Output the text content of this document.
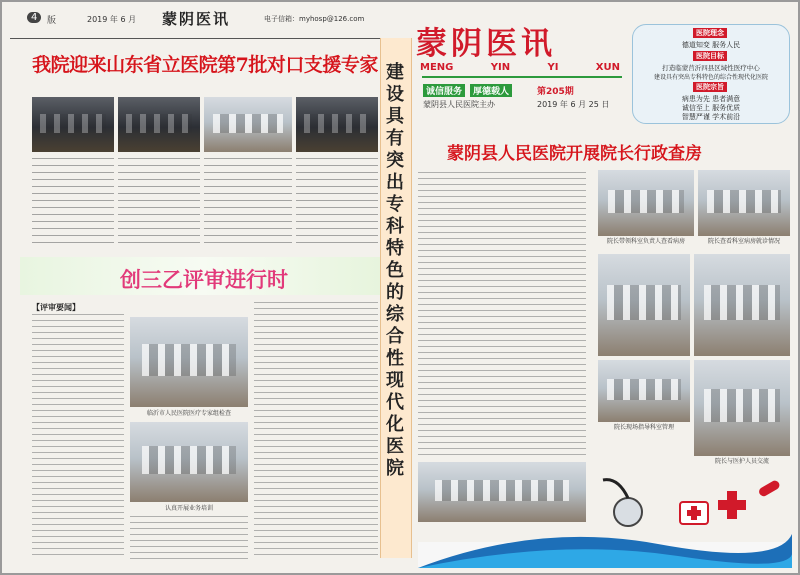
4	版	2019 年 6 月 蒙阴医讯	电子信箱：myhosp@126.com
我院迎来山东省立医院第7批对口支援专家
创三乙评审进行时
【评审要闻】
临沂市人民医院医疗专家组检查
认真开展业务培训
建设具有突出专科特色的综合性现代化医院
蒙阴医讯
MENG	YIN	YI	XUN
诚信服务	厚德载人	第205期
蒙阴县人民医院主办	2019 年 6 月 25 日
医院理念
德道知变 服务人民
医院目标
打造临蒙莒沂四县区域性医疗中心
建设具有突出专科特色的综合性现代化医院
医院宗旨
病患为先 患者满意
诚信至上 服务优质
智慧严谨 学术前沿
蒙阴县人民医院开展院长行政查房
院长带领科室负责人查看病房	院长查看科室病房就诊情况
院长现场指导科室管理
院长与医护人员交流
